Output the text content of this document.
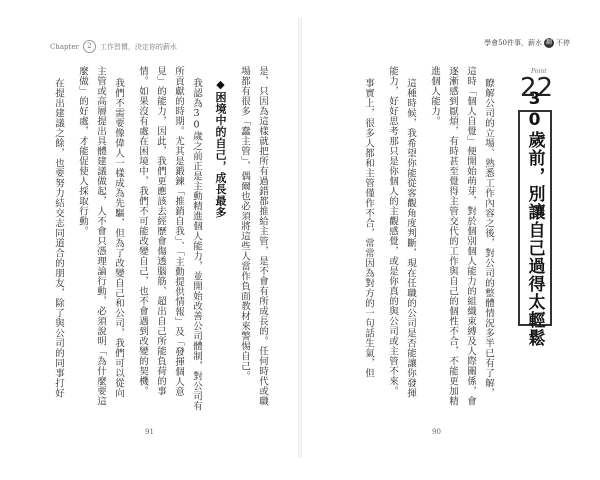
Chapter	2	工作習慣，決定你的薪水
是，只因為這樣就把所有過錯都推給主管，是不會有所成長的。任何時代或職
場都有很多「蠢主管」，偶爾也必須將這些人當作負面教材來警惕自己。
◆困境中的自己，成長最多
我認為30歲之前正是主動精進個人能力，並開始改善公司體制，對公司有
所貢獻的時期。尤其是鍛鍊「推銷自我」、「主動提供情報」及「發揮個人意
見」的能力，因此，我們更應該去經歷會傷透腦筋、超出自己所能負荷的事
情。如果沒有處在困境中，我們不可能改變自己，也不會遇到改變的契機。
我們不需要像偉人一樣成為先驅，但為了改變自己和公司，我們可以從向
主管或高層提出具體建議做起，人不會只憑理論行動，必須說明「為什麼要這
麼做」的好處，才能促使人採取行動。
在提出建議之餘，也要努力結交志同道合的朋友，除了與公司的同事打好
91
學會50件事，薪水 翻 不停
瞭解公司的立場、熟悉工作內容之後，對公司的整體情況多半已有了解，
這時「個人自覺」便開始萌芽，對於個別個人能力的組織束縛及人際關係，會
逐漸感到厭煩，有時甚至覺得主管交代的工作與自己的個性不合，不能更加精
進個人能力。
這種時候，我希望你能從客觀角度判斷，現在任職的公司是否能讓你發揮
能力，好好思考那只是你個人的主觀感覺，或是你真的與公司或主管不來。
事實上，很多人都和主管僅作不合，常常因為對方的一句話生氣，但
90
Point
22
30歲前，別讓自己過得太輕鬆
